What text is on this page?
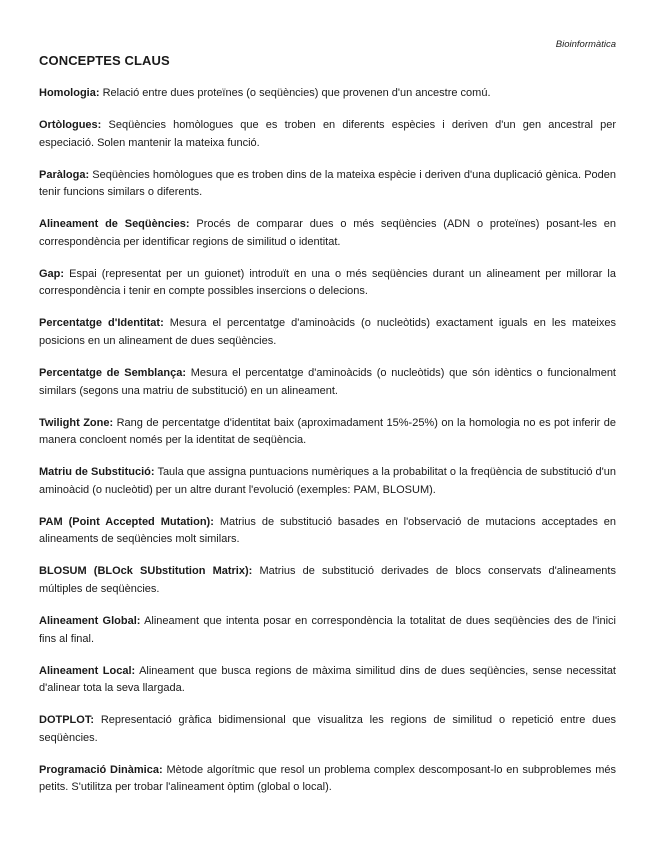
Bioinformàtica
CONCEPTES CLAUS

Homologia: Relació entre dues proteïnes (o seqüències) que provenen d'un ancestre comú.

Ortòlogues: Seqüències homòlogues que es troben en diferents espècies i deriven d'un gen ancestral per especiació. Solen mantenir la mateixa funció.

Paràloga: Seqüències homòlogues que es troben dins de la mateixa espècie i deriven d'una duplicació gènica. Poden tenir funcions similars o diferents.

Alineament de Seqüències: Procés de comparar dues o més seqüències (ADN o proteïnes) posant-les en correspondència per identificar regions de similitud o identitat.

Gap: Espai (representat per un guionet) introduït en una o més seqüències durant un alineament per millorar la correspondència i tenir en compte possibles insercions o delecions.

Percentatge d'Identitat: Mesura el percentatge d'aminoàcids (o nucleòtids) exactament iguals en les mateixes posicions en un alineament de dues seqüències.

Percentatge de Semblança: Mesura el percentatge d'aminoàcids (o nucleòtids) que són idèntics o funcionalment similars (segons una matriu de substitució) en un alineament.

Twilight Zone: Rang de percentatge d'identitat baix (aproximadament 15%-25%) on la homologia no es pot inferir de manera concloent només per la identitat de seqüència.

Matriu de Substitució: Taula que assigna puntuacions numèriques a la probabilitat o la freqüència de substitució d'un aminoàcid (o nucleòtid) per un altre durant l'evolució (exemples: PAM, BLOSUM).

PAM (Point Accepted Mutation): Matrius de substitució basades en l'observació de mutacions acceptades en alineaments de seqüències molt similars.

BLOSUM (BLOck SUbstitution Matrix): Matrius de substitució derivades de blocs conservats d'alineaments múltiples de seqüències.

Alineament Global: Alineament que intenta posar en correspondència la totalitat de dues seqüències des de l'inici fins al final.

Alineament Local: Alineament que busca regions de màxima similitud dins de dues seqüències, sense necessitat d'alinear tota la seva llargada.

DOTPLOT: Representació gràfica bidimensional que visualitza les regions de similitud o repetició entre dues seqüències.

Programació Dinàmica: Mètode algorítmic que resol un problema complex descomposant-lo en subproblemes més petits. S'utilitza per trobar l'alineament òptim (global o local).
